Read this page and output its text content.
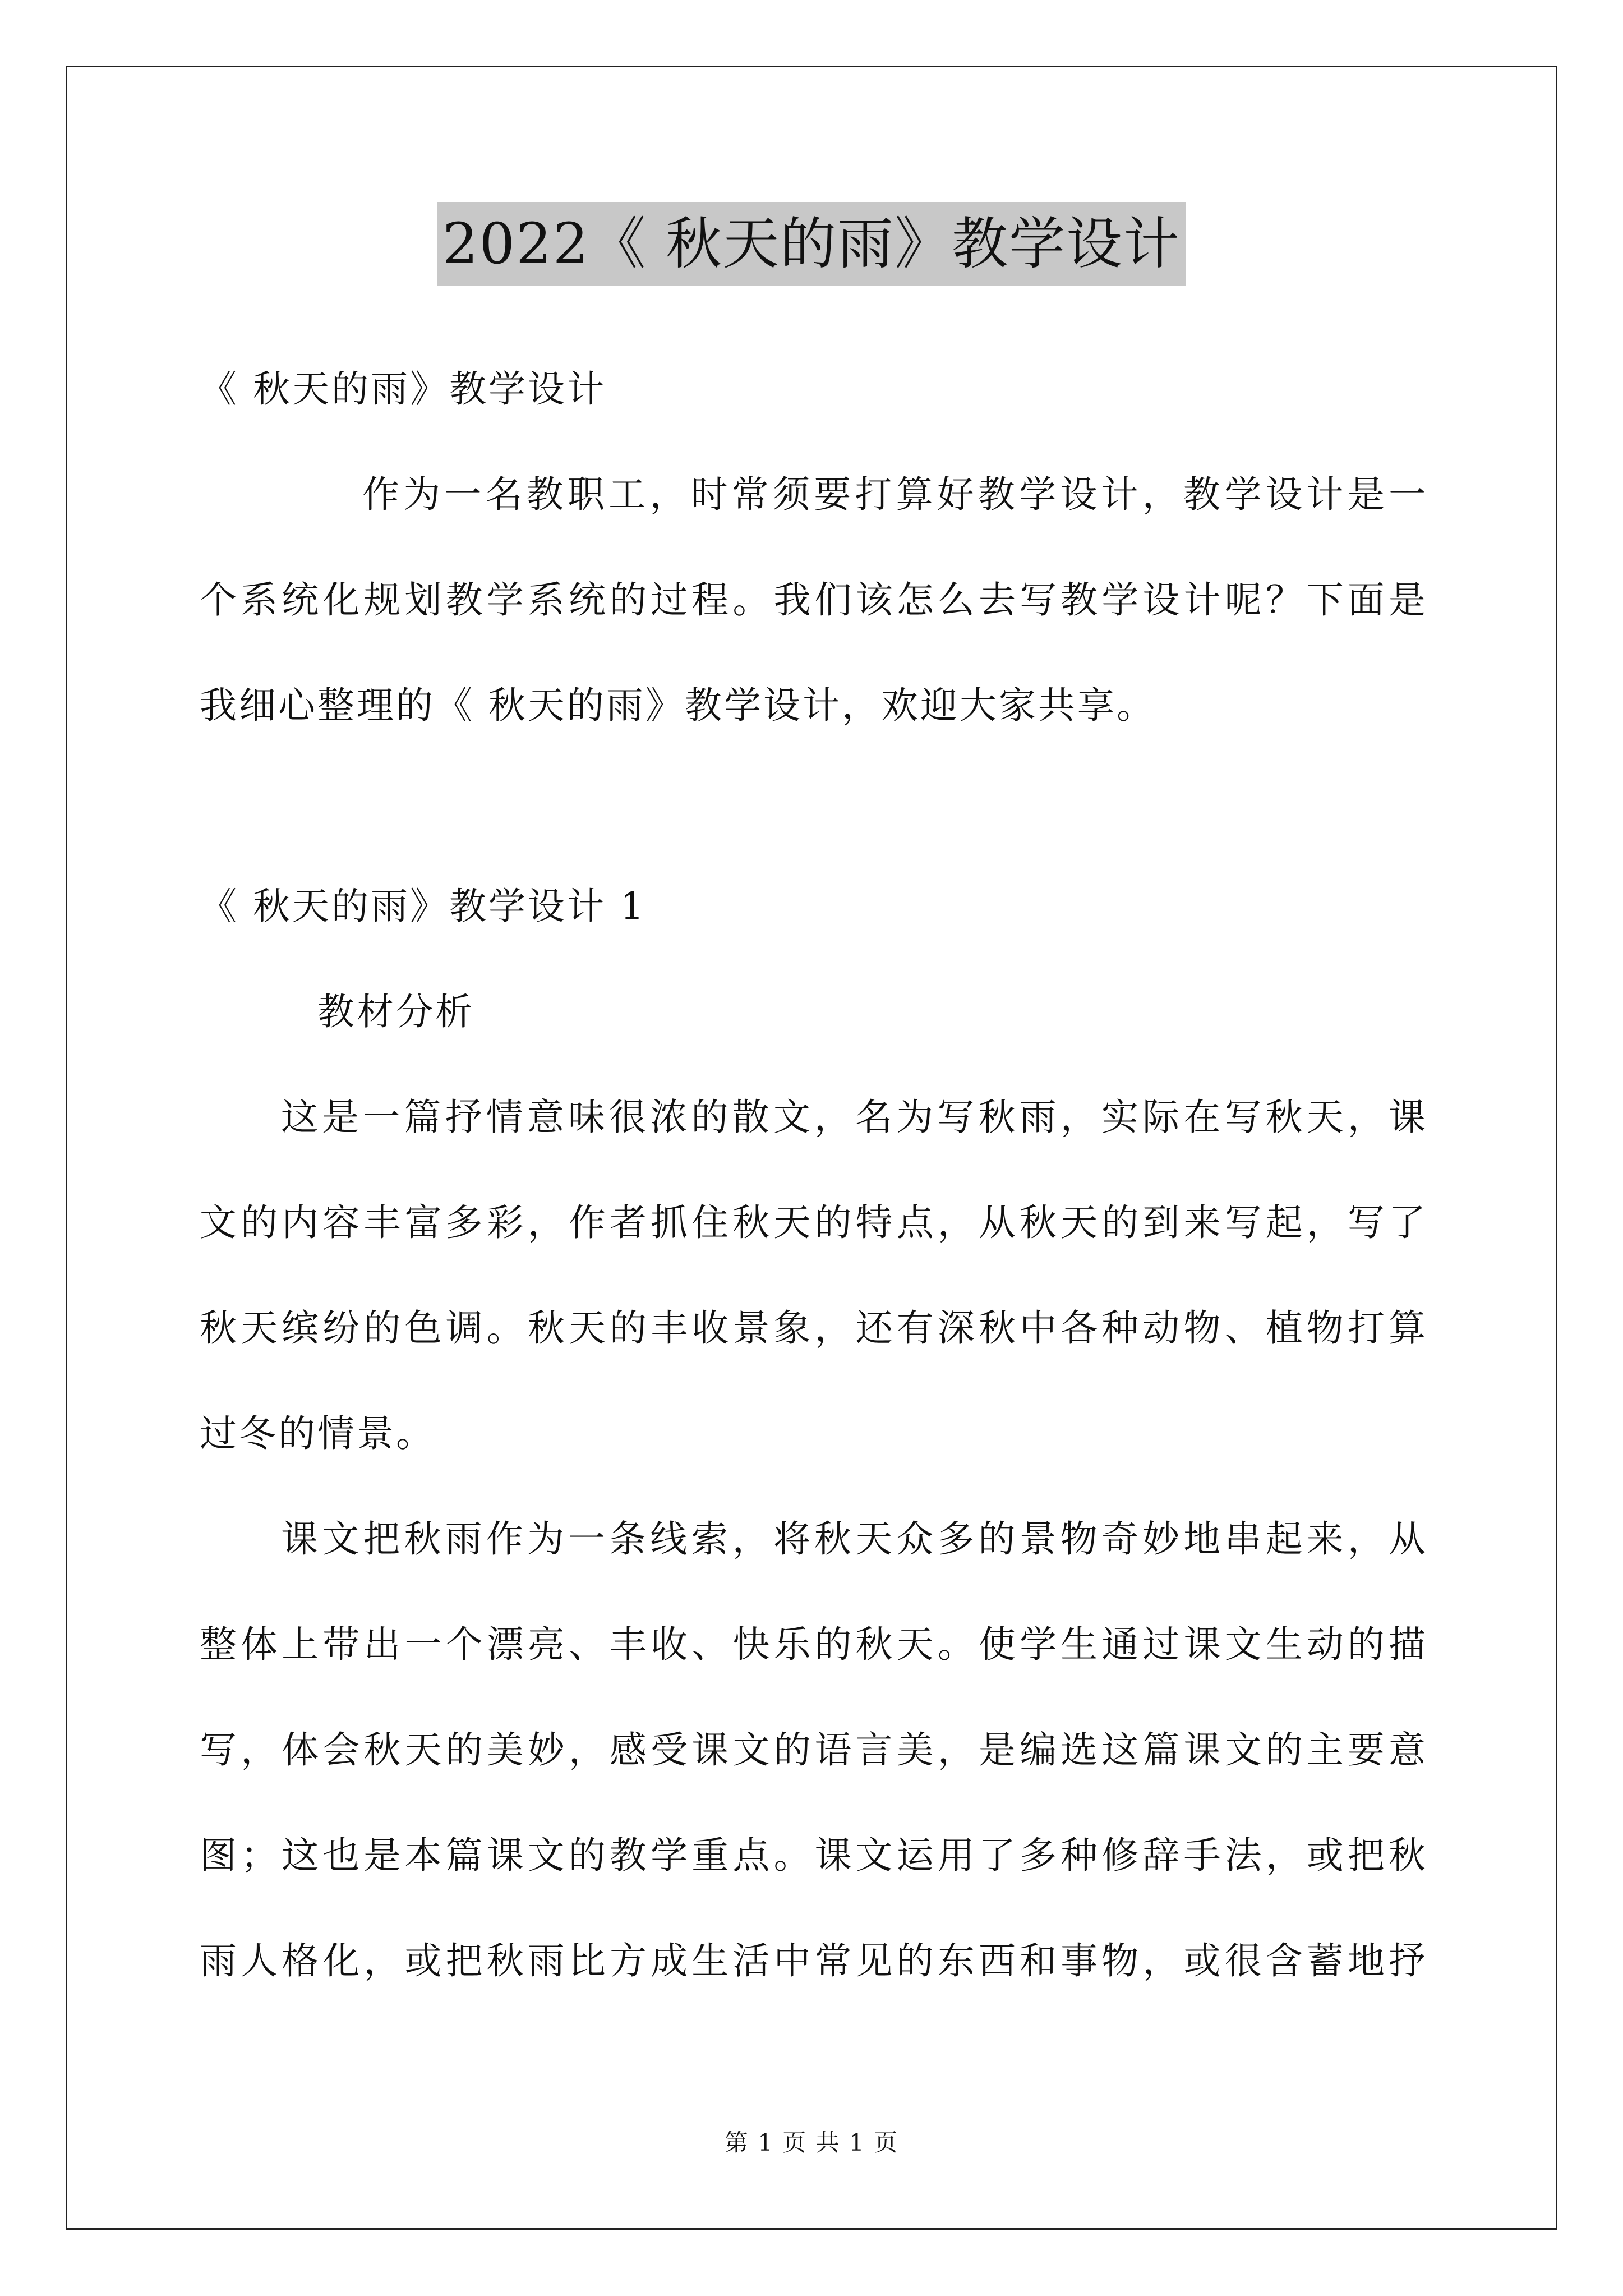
2022《 秋天的雨》教学设计
《 秋天的雨》教学设计
作为一名教职工，时常须要打算好教学设计，教学设计是一
个系统化规划教学系统的过程。我们该怎么去写教学设计呢？下面是
我细心整理的《 秋天的雨》教学设计，欢迎大家共享。
《 秋天的雨》教学设计 1
教材分析
这是一篇抒情意味很浓的散文，名为写秋雨，实际在写秋天，课
文的内容丰富多彩，作者抓住秋天的特点，从秋天的到来写起，写了
秋天缤纷的色调。秋天的丰收景象，还有深秋中各种动物、植物打算
过冬的情景。
课文把秋雨作为一条线索，将秋天众多的景物奇妙地串起来，从
整体上带出一个漂亮、丰收、快乐的秋天。使学生通过课文生动的描
写，体会秋天的美妙，感受课文的语言美，是编选这篇课文的主要意
图；这也是本篇课文的教学重点。课文运用了多种修辞手法，或把秋
雨人格化，或把秋雨比方成生活中常见的东西和事物，或很含蓄地抒
第 1 页 共 1 页
